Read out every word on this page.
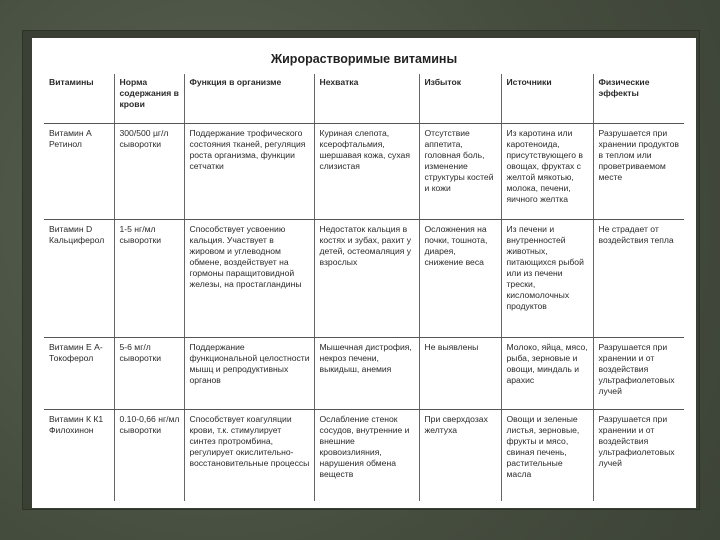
Жирорастворимые витамины
Витамины	Норма содержания в крови	Функция в организме	Нехватка	Избыток	Источники	Физические эффекты
Витамин А Ретинол	300/500 µг/л сыворотки	Поддержание трофического состояния тканей, регуляция роста организма, функции сетчатки	Куриная слепота, ксерофтальмия, шершавая кожа, сухая слизистая	Отсутствие аппетита, головная боль, изменение структуры костей и кожи	Из каротина или каротеноида, присутствующего в овощах, фруктах с желтой мякотью, молока, печени, яичного желтка	Разрушается при хранении продуктов в теплом или проветриваемом месте
Витамин D Кальциферол	1-5 нг/мл сыворотки	Способствует усвоению кальция. Участвует в жировом и углеводном обмене, воздействует на гормоны паращитовидной железы, на простагландины	Недостаток кальция в костях и зубах, рахит у детей, остеомаляция у взрослых	Осложнения на почки, тошнота, диарея, снижение веса	Из печени и внутренностей животных, питающихся рыбой или из печени трески, кисломолочных продуктов	Не страдает от воздействия тепла
Витамин Е А-Токоферол	5-6 мг/л сыворотки	Поддержание функциональной целостности мышц и репродуктивных органов	Мышечная дистрофия, некроз печени, выкидыш, анемия	Не выявлены	Молоко, яйца, мясо, рыба, зерновые и овощи, миндаль и арахис	Разрушается при хранении и от воздействия ультрафиолетовых лучей
Витамин К К1 Филохинон	0.10-0,66 нг/мл сыворотки	Способствует коагуляции крови, т.к. стимулирует синтез протромбина, регулирует окислительно-восстановительные процессы	Ослабление стенок сосудов, внутренние и внешние кровоизлияния, нарушения обмена веществ	При сверхдозах желтуха	Овощи и зеленые листья, зерновые, фрукты и мясо, свиная печень, растительные масла	Разрушается при хранении и от воздействия ультрафиолетовых лучей
